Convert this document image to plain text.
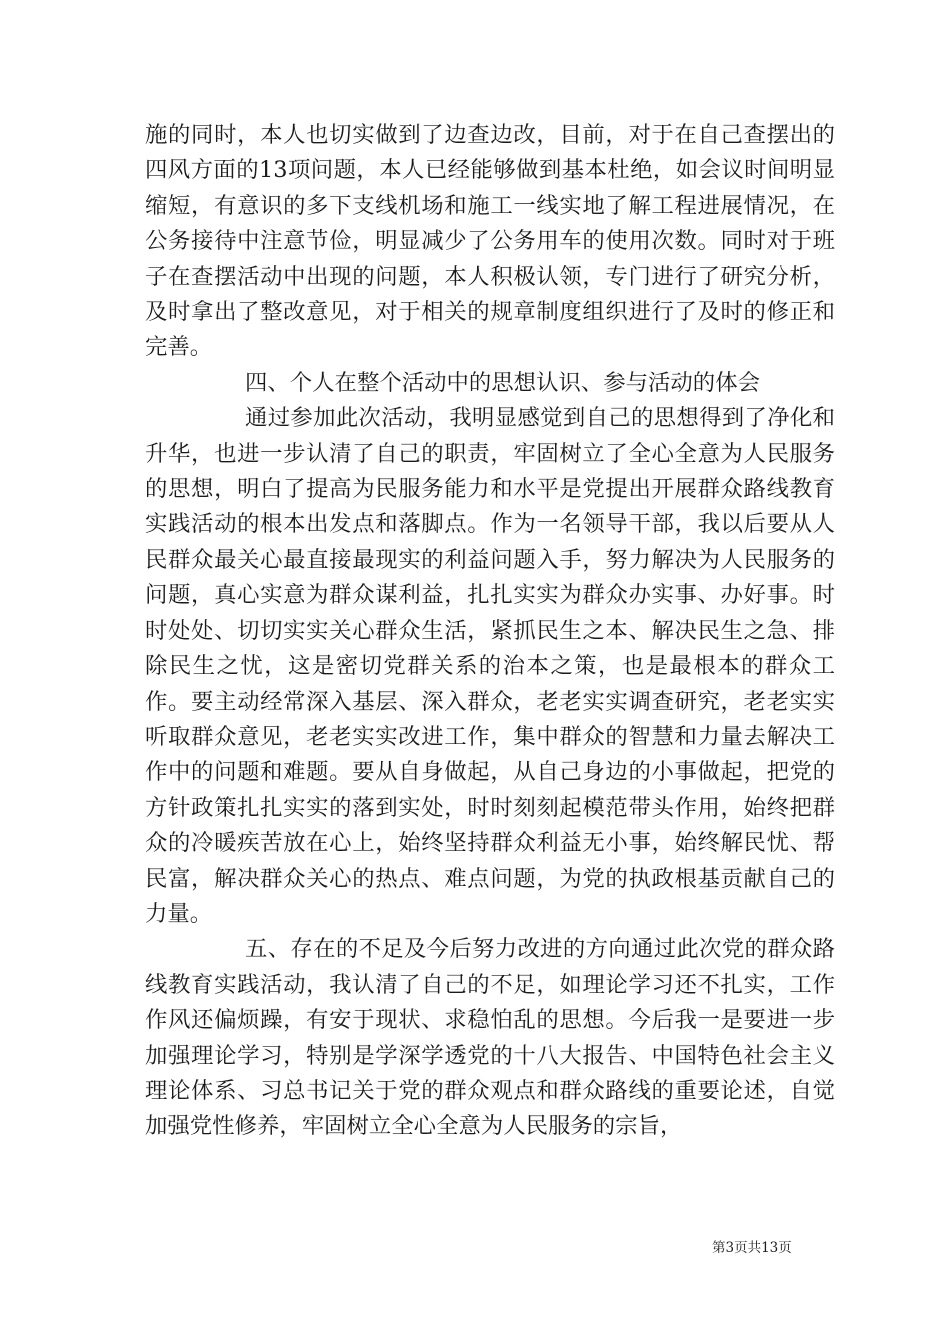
施的同时，本人也切实做到了边查边改，目前，对于在自己查摆出的四风方面的13项问题，本人已经能够做到基本杜绝，如会议时间明显缩短，有意识的多下支线机场和施工一线实地了解工程进展情况，在公务接待中注意节俭，明显减少了公务用车的使用次数。同时对于班子在查摆活动中出现的问题，本人积极认领，专门进行了研究分析，及时拿出了整改意见，对于相关的规章制度组织进行了及时的修正和完善。

四、个人在整个活动中的思想认识、参与活动的体会

通过参加此次活动，我明显感觉到自己的思想得到了净化和升华，也进一步认清了自己的职责，牢固树立了全心全意为人民服务的思想，明白了提高为民服务能力和水平是党提出开展群众路线教育实践活动的根本出发点和落脚点。作为一名领导干部，我以后要从人民群众最关心最直接最现实的利益问题入手，努力解决为人民服务的问题，真心实意为群众谋利益，扎扎实实为群众办实事、办好事。时时处处、切切实实关心群众生活，紧抓民生之本、解决民生之急、排除民生之忧，这是密切党群关系的治本之策，也是最根本的群众工作。要主动经常深入基层、深入群众，老老实实调查研究，老老实实听取群众意见，老老实实改进工作，集中群众的智慧和力量去解决工作中的问题和难题。要从自身做起，从自己身边的小事做起，把党的方针政策扎扎实实的落到实处，时时刻刻起模范带头作用，始终把群众的冷暖疾苦放在心上，始终坚持群众利益无小事，始终解民忧、帮民富，解决群众关心的热点、难点问题，为党的执政根基贡献自己的力量。

五、存在的不足及今后努力改进的方向通过此次党的群众路线教育实践活动，我认清了自己的不足，如理论学习还不扎实，工作作风还偏烦躁，有安于现状、求稳怕乱的思想。今后我一是要进一步加强理论学习，特别是学深学透党的十八大报告、中国特色社会主义理论体系、习总书记关于党的群众观点和群众路线的重要论述，自觉加强党性修养，牢固树立全心全意为人民服务的宗旨，

第3页共13页
